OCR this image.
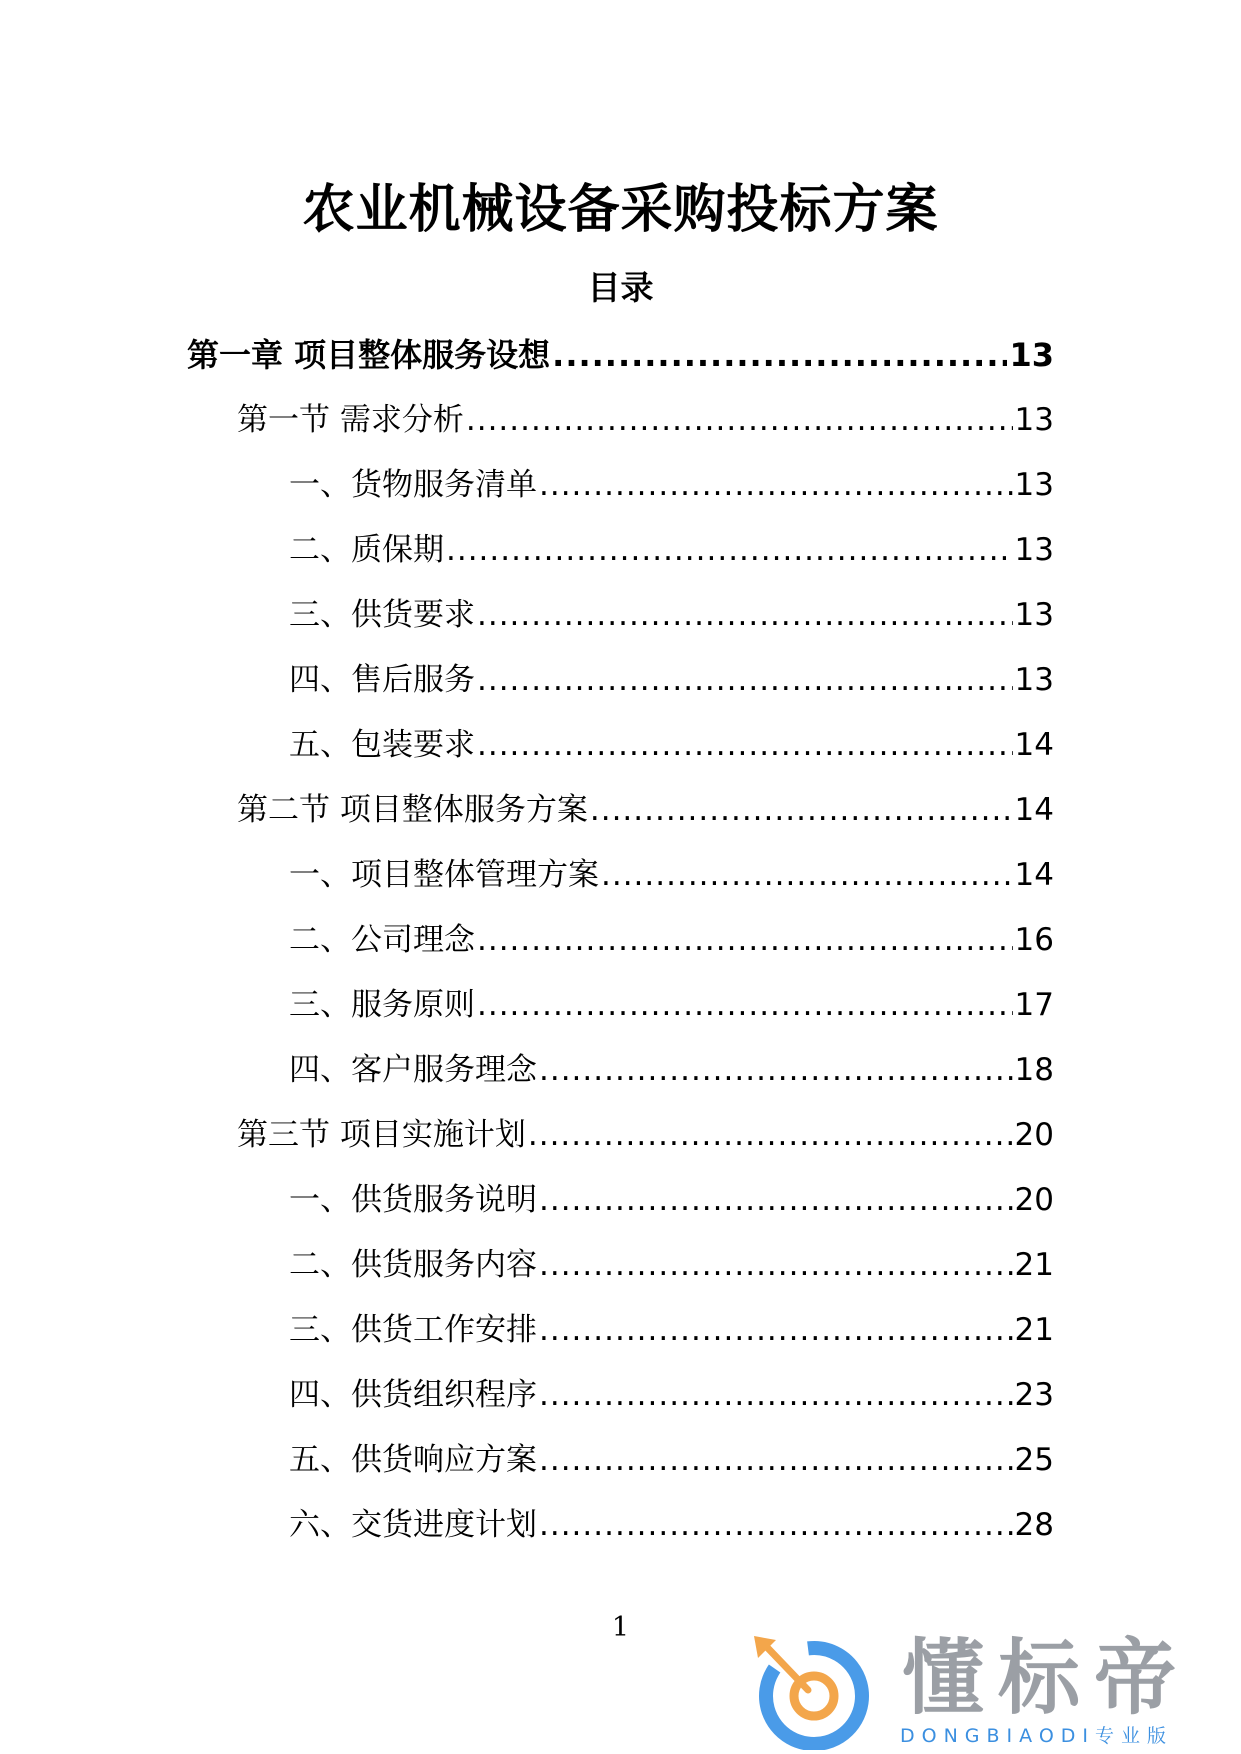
农业机械设备采购投标方案
目录
第一章 项目整体服务设想 .....	13
第一节 需求分析 .....	13
一、货物服务清单 .....	13
二、质保期 .....	13
三、供货要求 .....	13
四、售后服务 .....	13
五、包装要求 .....	14
第二节 项目整体服务方案 .....	14
一、项目整体管理方案 .....	14
二、公司理念 .....	16
三、服务原则 .....	17
四、客户服务理念 .....	18
第三节 项目实施计划 .....	20
一、供货服务说明 .....	20
二、供货服务内容 .....	21
三、供货工作安排 .....	21
四、供货组织程序 .....	23
五、供货响应方案 .....	25
六、交货进度计划 .....	28
1
懂标帝
DONGBIAODI专业版
